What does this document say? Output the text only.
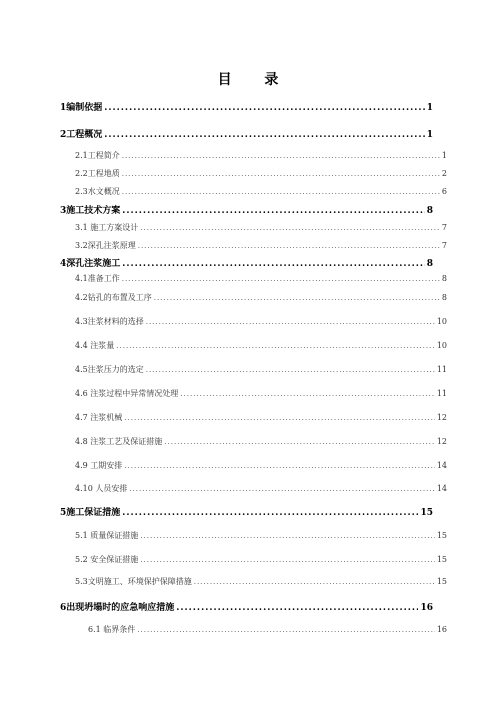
目 录
1编制依据 .....	1
2工程概况 .....	1
2.1工程简介 .....	1
2.2工程地质 .....	2
2.3水文概况 .....	6
3施工技术方案 .....	8
3.1 施工方案设计 .....	7
3.2深孔注浆原理 .....	7
4深孔注浆施工 .....	8
4.1准备工作 .....	8
4.2钻孔的布置及工序 .....	8
4.3注浆材料的选择 .....	10
4.4 注浆量 .....	10
4.5注浆压力的选定 .....	11
4.6 注浆过程中异常情况处理 .....	11
4.7 注浆机械 .....	12
4.8 注浆工艺及保证措施 .....	12
4.9 工期安排 .....	14
4.10 人员安排 .....	14
5施工保证措施 .....	15
5.1 质量保证措施 .....	15
5.2 安全保证措施 .....	15
5.3文明施工、环境保护保障措施 .....	15
6出现坍塌时的应急响应措施 .....	16
6.1 临界条件 .....	16
